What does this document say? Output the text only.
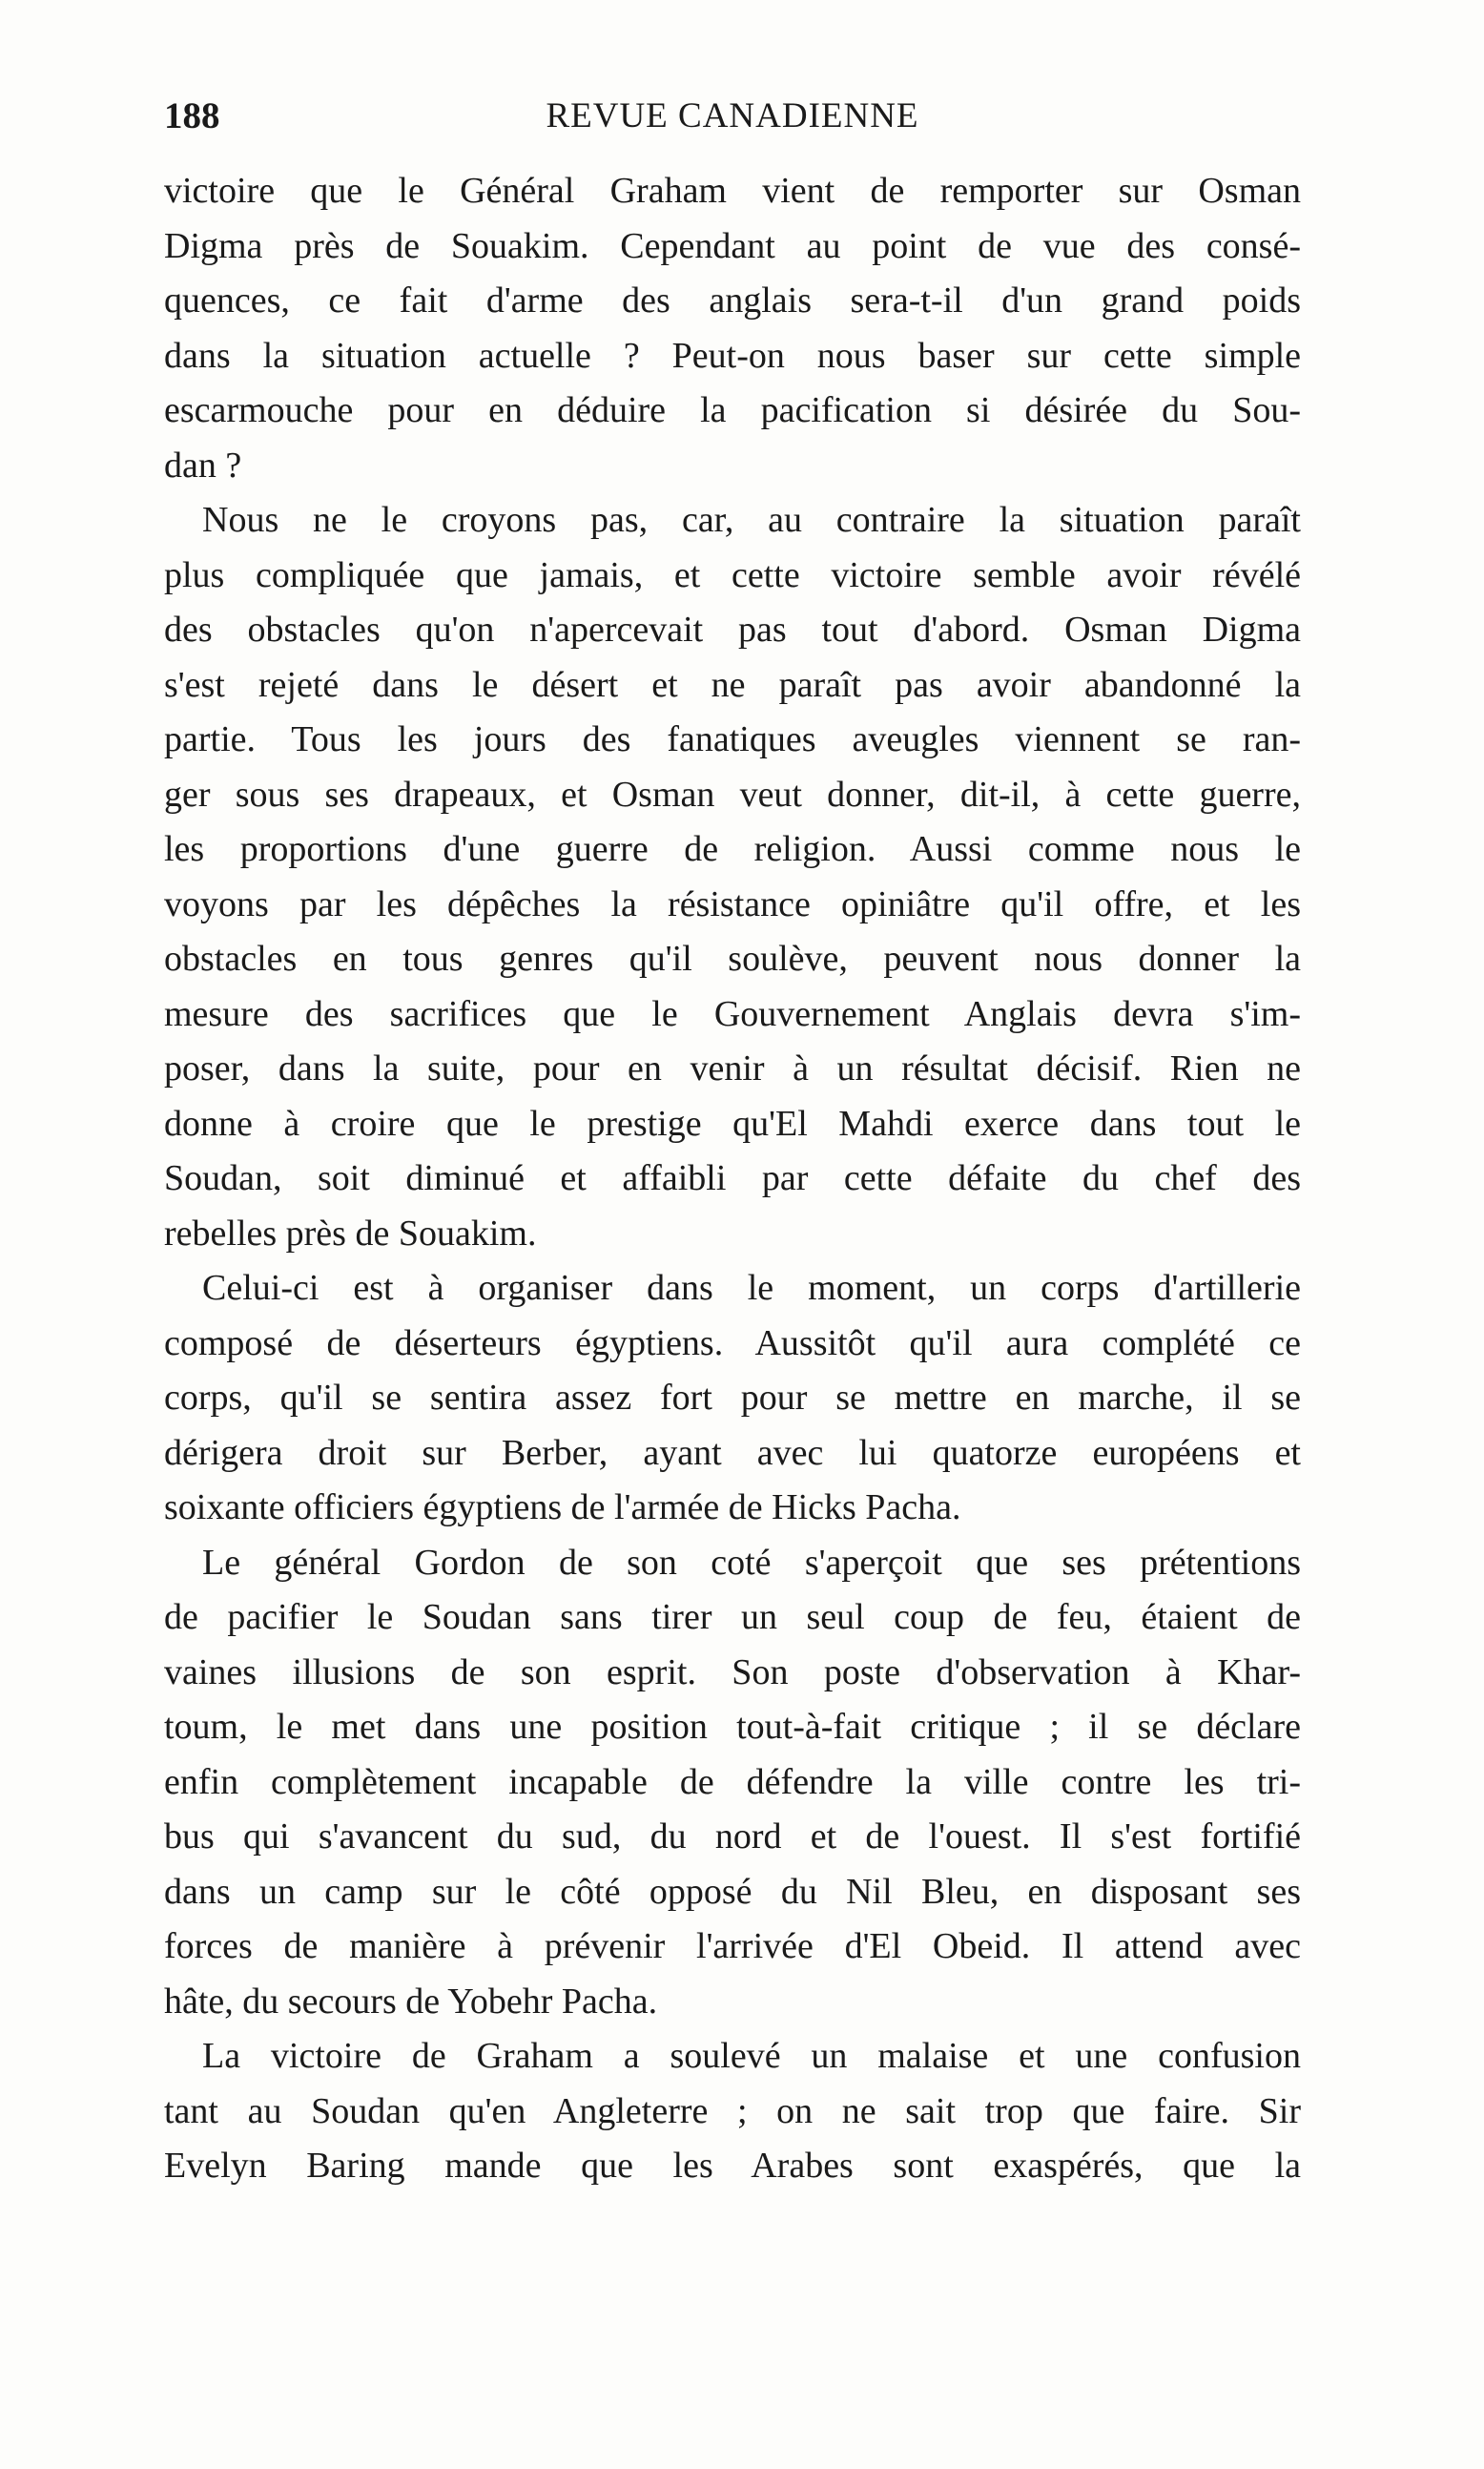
188	REVUE CANADIENNE
victoire que le Général Graham vient de remporter sur Osman
Digma près de Souakim. Cependant au point de vue des consé-
quences, ce fait d'arme des anglais sera-t-il d'un grand poids
dans la situation actuelle ? Peut-on nous baser sur cette simple
escarmouche pour en déduire la pacification si désirée du Sou-
dan ?
Nous ne le croyons pas, car, au contraire la situation paraît
plus compliquée que jamais, et cette victoire semble avoir révélé
des obstacles qu'on n'apercevait pas tout d'abord. Osman Digma
s'est rejeté dans le désert et ne paraît pas avoir abandonné la
partie. Tous les jours des fanatiques aveugles viennent se ran-
ger sous ses drapeaux, et Osman veut donner, dit-il, à cette guerre,
les proportions d'une guerre de religion. Aussi comme nous le
voyons par les dépêches la résistance opiniâtre qu'il offre, et les
obstacles en tous genres qu'il soulève, peuvent nous donner la
mesure des sacrifices que le Gouvernement Anglais devra s'im-
poser, dans la suite, pour en venir à un résultat décisif. Rien ne
donne à croire que le prestige qu'El Mahdi exerce dans tout le
Soudan, soit diminué et affaibli par cette défaite du chef des
rebelles près de Souakim.
Celui-ci est à organiser dans le moment, un corps d'artillerie
composé de déserteurs égyptiens. Aussitôt qu'il aura complété ce
corps, qu'il se sentira assez fort pour se mettre en marche, il se
dérigera droit sur Berber, ayant avec lui quatorze européens et
soixante officiers égyptiens de l'armée de Hicks Pacha.
Le général Gordon de son coté s'aperçoit que ses prétentions
de pacifier le Soudan sans tirer un seul coup de feu, étaient de
vaines illusions de son esprit. Son poste d'observation à Khar-
toum, le met dans une position tout-à-fait critique ; il se déclare
enfin complètement incapable de défendre la ville contre les tri-
bus qui s'avancent du sud, du nord et de l'ouest. Il s'est fortifié
dans un camp sur le côté opposé du Nil Bleu, en disposant ses
forces de manière à prévenir l'arrivée d'El Obeid. Il attend avec
hâte, du secours de Yobehr Pacha.
La victoire de Graham a soulevé un malaise et une confusion
tant au Soudan qu'en Angleterre ; on ne sait trop que faire. Sir
Evelyn Baring mande que les Arabes sont exaspérés, que la
